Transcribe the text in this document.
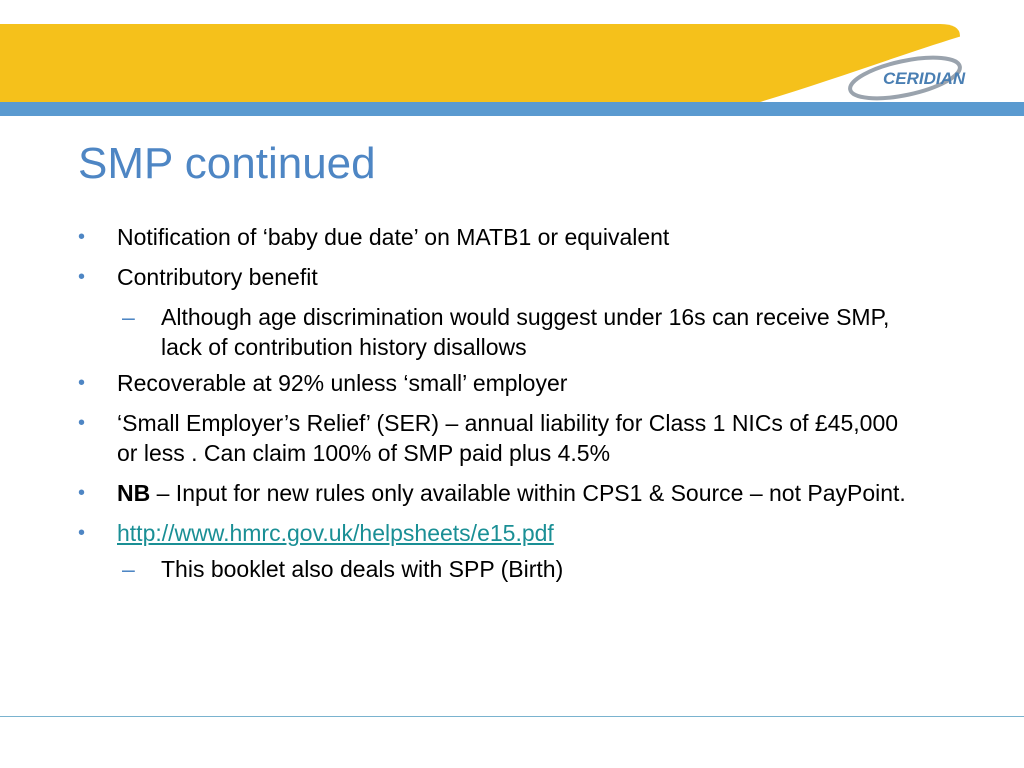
CERIDIAN
SMP continued
• Notification of ‘baby due date’ on MATB1 or equivalent
• Contributory benefit
– Although age discrimination would suggest under 16s can receive SMP, lack of contribution history disallows
• Recoverable at 92% unless ‘small’ employer
• ‘Small Employer’s Relief’ (SER) – annual liability for Class 1 NICs of £45,000 or less . Can claim 100% of SMP paid plus 4.5%
• NB – Input for new rules only available within CPS1 & Source – not PayPoint.
• http://www.hmrc.gov.uk/helpsheets/e15.pdf
– This booklet also deals with SPP (Birth)
